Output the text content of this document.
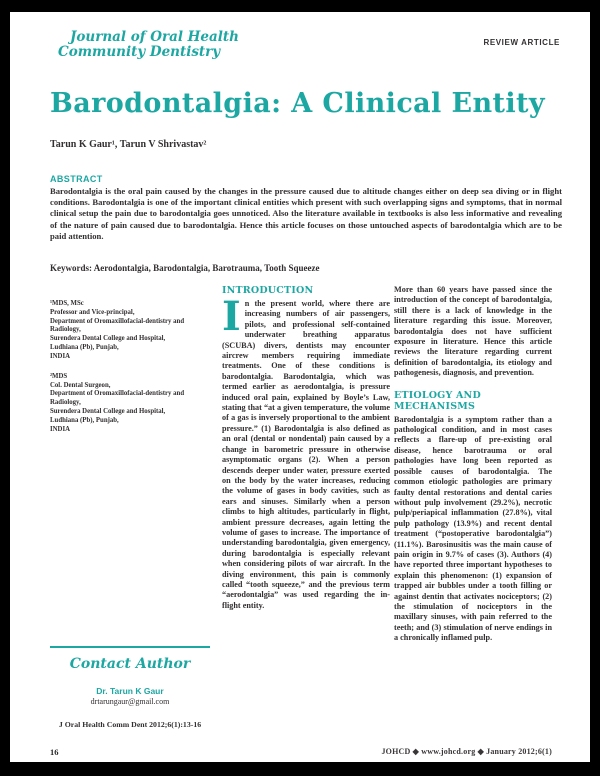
Journal of Oral Health
Community Dentistry
REVIEW ARTICLE
Barodontalgia: A Clinical Entity
Tarun K Gaur¹, Tarun V Shrivastav²
ABSTRACT
Barodontalgia is the oral pain caused by the changes in the pressure caused due to altitude changes either on deep sea diving or in flight conditions. Barodontalgia is one of the important clinical entities which present with such overlapping signs and symptoms, that in normal clinical setup the pain due to barodontalgia goes unnoticed. Also the literature available in textbooks is also less informative and revealing of the nature of pain caused due to barodontalgia. Hence this article focuses on those untouched aspects of barodontalgia which are to be paid attention.
Keywords: Aerodontalgia, Barodontalgia, Barotrauma, Tooth Squeeze
¹MDS, MSc
Professor and Vice-principal,
Department of Oromaxillofacial-dentistry and
Radiology,
Surendera Dental College and Hospital,
Ludhiana (Pb), Punjab,
INDIA
²MDS
Col. Dental Surgeon,
Department of Oromaxillofacial-dentistry and
Radiology,
Surendera Dental College and Hospital,
Ludhiana (Pb), Punjab,
INDIA
INTRODUCTION

In the present world, where there are increasing numbers of air passengers, pilots, and professional self-contained underwater breathing apparatus (SCUBA) divers, dentists may encounter aircrew members requiring immediate treatments. One of these conditions is barodontalgia. Barodontalgia, which was termed earlier as aerodontalgia, is pressure induced oral pain, explained by Boyle’s Law, stating that “at a given temperature, the volume of a gas is inversely proportional to the ambient pressure.” (1) Barodontalgia is also defined as an oral (dental or nondental) pain caused by a change in barometric pressure in otherwise asymptomatic organs (2). When a person descends deeper under water, pressure exerted on the body by the water increases, reducing the volume of gases in body cavities, such as ears and sinuses. Similarly when a person climbs to high altitudes, particularly in flight, ambient pressure decreases, again letting the volume of gases to increase. The importance of understanding barodontalgia, given emergency, during barodontalgia is especially relevant when considering pilots of war aircraft. In the diving environment, this pain is commonly called “tooth squeeze,” and the previous term “aerodontalgia” was used regarding the in-flight entity.

More than 60 years have passed since the introduction of the concept of barodontalgia, still there is a lack of knowledge in the literature regarding this issue. Moreover, barodontalgia does not have sufficient exposure in literature. Hence this article reviews the literature regarding current definition of barodontalgia, its etiology and pathogenesis, diagnosis, and prevention.

ETIOLOGY AND MECHANISMS

Barodontalgia is a symptom rather than a pathological condition, and in most cases reflects a flare-up of pre-existing oral disease, hence barotrauma or oral pathologies have long been reported as possible causes of barodontalgia. The common etiologic pathologies are primary faulty dental restorations and dental caries without pulp involvement (29.2%), necrotic pulp/periapical inflammation (27.8%), vital pulp pathology (13.9%) and recent dental treatment (“postoperative barodontalgia”) (11.1%). Barosinusitis was the main cause of pain origin in 9.7% of cases (3). Authors (4) have reported three important hypotheses to explain this phenomenon: (1) expansion of trapped air bubbles under a tooth filling or against dentin that activates nociceptors; (2) the stimulation of nociceptors in the maxillary sinuses, with pain referred to the teeth; and (3) stimulation of nerve endings in a chronically inflamed pulp.

Contact Author
Dr. Tarun K Gaur
drtarungaur@gmail.com
J Oral Health Comm Dent 2012;6(1):13-16
16	JOHCD ◆ www.johcd.org ◆ January 2012;6(1)
